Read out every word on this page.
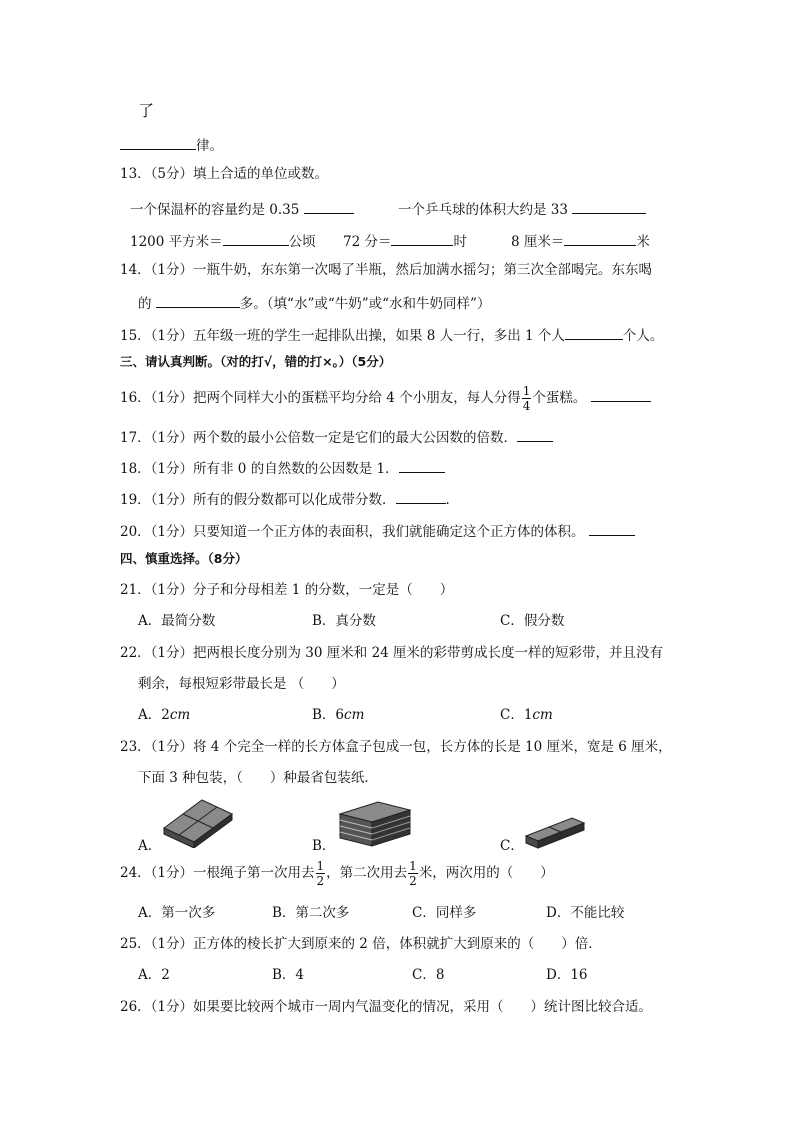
了
律。
13．（5分）填上合适的单位或数。
一个保温杯的容量约是 0.35	一个乒乓球的体积大约是 33
1200 平方米＝	公顷 72 分＝	时	8 厘米＝	米
14．（1分）一瓶牛奶，东东第一次喝了半瓶，然后加满水摇匀；第三次全部喝完。东东喝
的	多。（填“水”或“牛奶”或“水和牛奶同样”）
15．（1分）五年级一班的学生一起排队出操，如果 8 人一行，多出 1 个人	个人。
三、请认真判断。（对的打√，错的打×。）（5分）
16．（1分）把两个同样大小的蛋糕平均分给 4 个小朋友，每人分得 $\frac{1}{4}$ 个蛋糕。
17．（1分）两个数的最小公倍数一定是它们的最大公因数的倍数．
18．（1分）所有非 0 的自然数的公因数是 1．
19．（1分）所有的假分数都可以化成带分数．	．
20．（1分）只要知道一个正方体的表面积，我们就能确定这个正方体的体积。
四、慎重选择。（8分）
21．（1分）分子和分母相差 1 的分数，一定是（　　）
A．最简分数	B．真分数	C．假分数
22．（1分）把两根长度分别为 30 厘米和 24 厘米的彩带剪成长度一样的短彩带，并且没有
剩余，每根短彩带最长是 （　　）
A．2cm	B．6cm	C．1cm
23．（1分）将 4 个完全一样的长方体盒子包成一包，长方体的长是 10 厘米，宽是 6 厘米，
下面 3 种包装，（　　）种最省包装纸．
A．	B．	C．
24．（1分）一根绳子第一次用去 $\frac{1}{2}$ ，第二次用去 $\frac{1}{2}$ 米，两次用的（　　）
A．第一次多	B．第二次多	C．同样多	D．不能比较
25．（1分）正方体的棱长扩大到原来的 2 倍，体积就扩大到原来的（　　）倍．
A．2	B．4	C．8	D．16
26．（1分）如果要比较两个城市一周内气温变化的情况，采用（　　）统计图比较合适。
